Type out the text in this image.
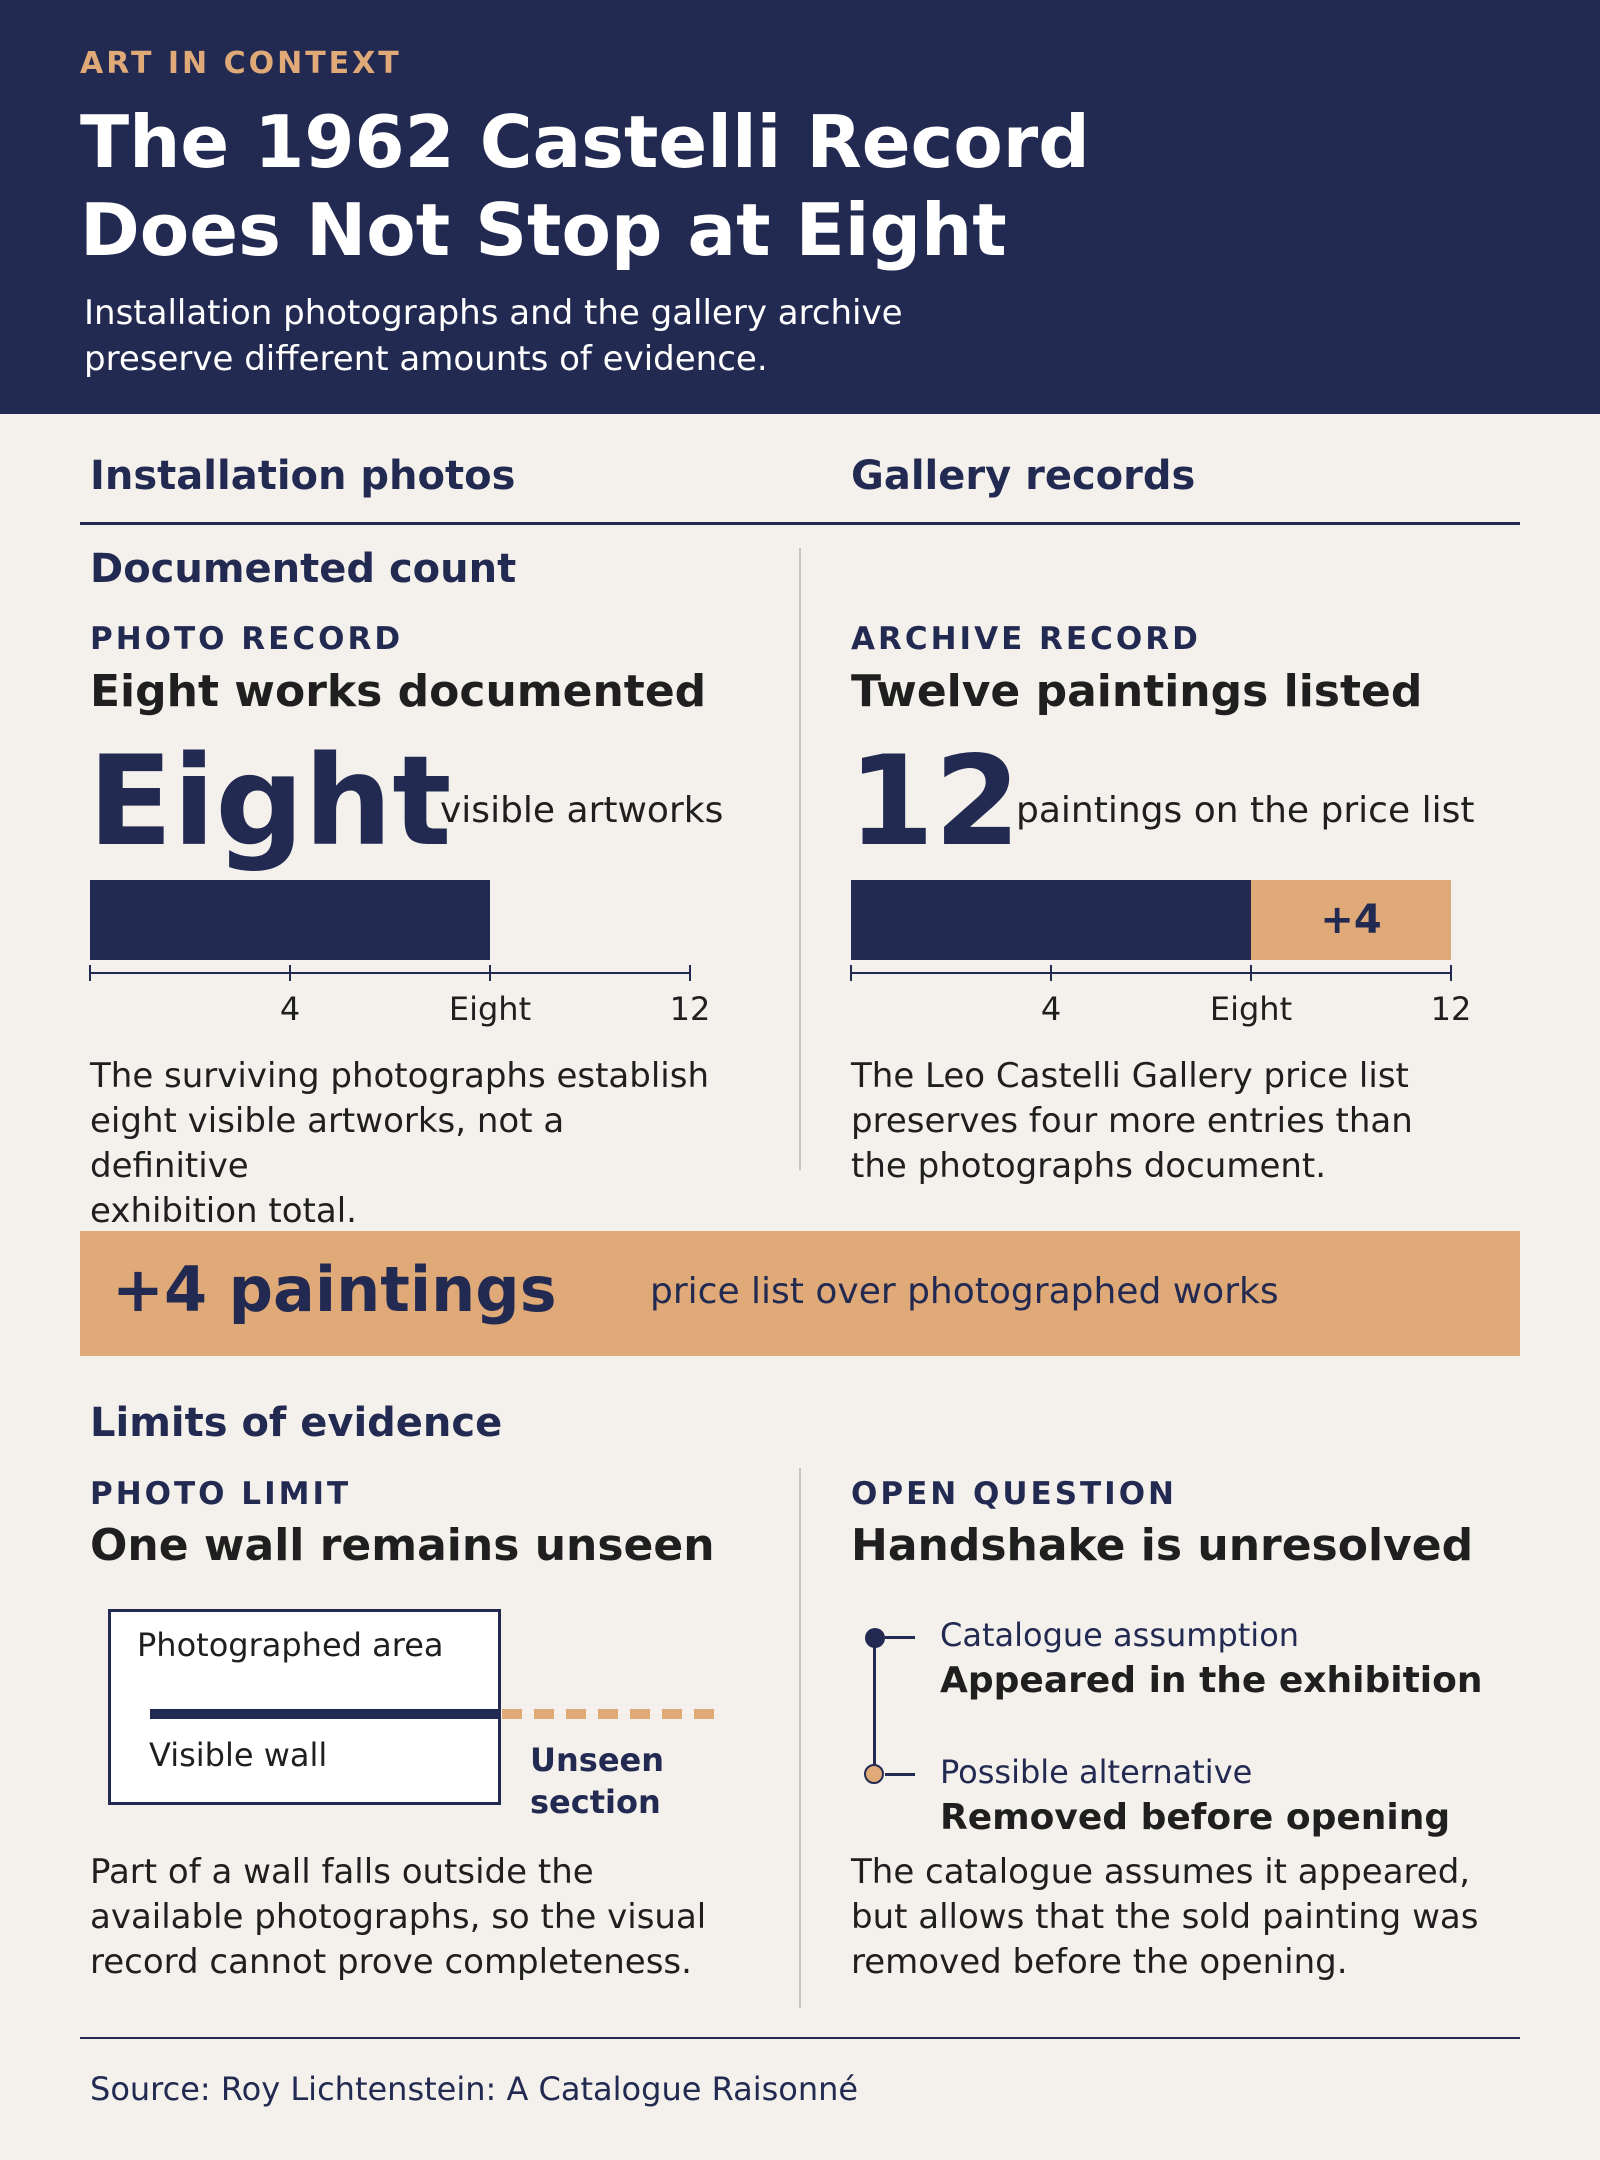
ART IN CONTEXT
The 1962 Castelli Record
Does Not Stop at Eight
Installation photographs and the gallery archive
preserve different amounts of evidence.
Installation photos	Gallery records
Documented count
PHOTO RECORD
Eight works documented
Eight
visible artworks
4	Eight	12
The surviving photographs establish
eight visible artworks, not a definitive
exhibition total.
ARCHIVE RECORD
Twelve paintings listed
12
paintings on the price list
+4
4	Eight	12
The Leo Castelli Gallery price list
preserves four more entries than
the photographs document.
+4 paintings	price list over photographed works
Limits of evidence
PHOTO LIMIT
One wall remains unseen
Photographed area
Visible wall	Unseen
section
Part of a wall falls outside the
available photographs, so the visual
record cannot prove completeness.
OPEN QUESTION
Handshake is unresolved
Catalogue assumption
Appeared in the exhibition
Possible alternative
Removed before opening
The catalogue assumes it appeared,
but allows that the sold painting was
removed before the opening.
Source: Roy Lichtenstein: A Catalogue Raisonné
